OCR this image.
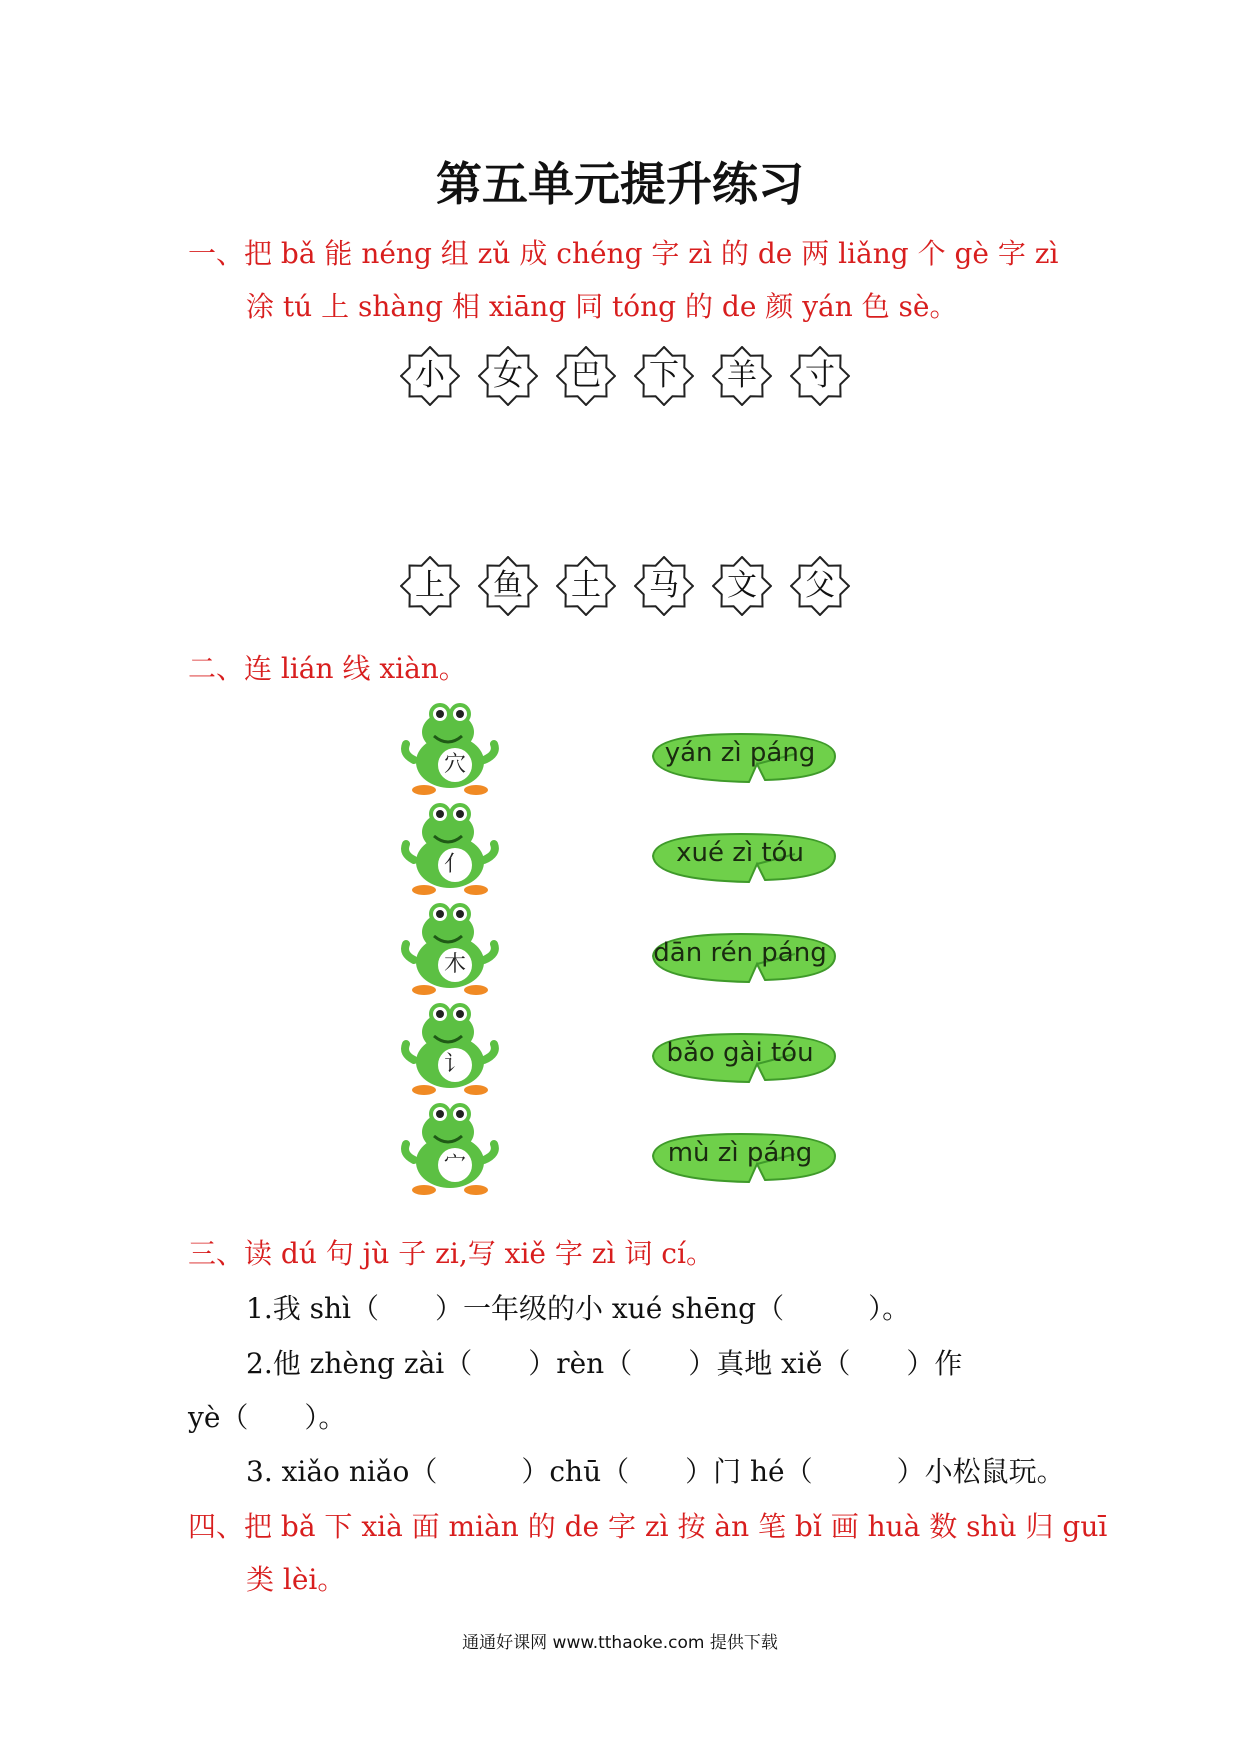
第五单元提升练习
一、把 bǎ 能 néng 组 zǔ 成 chéng 字 zì 的 de 两 liǎng 个 gè 字 zì
涂 tú 上 shàng 相 xiāng 同 tóng 的 de 颜 yán 色 sè。
小	女	巴	下	羊	寸
上	鱼	土	马	文	父
二、连 lián 线 xiàn。
穴
亻
木
讠
宀
yán zì páng
xué zì tóu
dān rén páng
bǎo gài tóu
mù zì páng
三、读 dú 句 jù 子 zi,写 xiě 字 zì 词 cí。
1.我 shì（　　）一年级的小 xué shēng（　　　）。
2.他 zhèng zài（　　）rèn（　　）真地 xiě（　　）作
yè（　　）。
3. xiǎo niǎo（　　　）chū（　　）门 hé（　　　）小松鼠玩。
四、把 bǎ 下 xià 面 miàn 的 de 字 zì 按 àn 笔 bǐ 画 huà 数 shù 归 guī
类 lèi。
通通好课网 www.tthaoke.com 提供下载
